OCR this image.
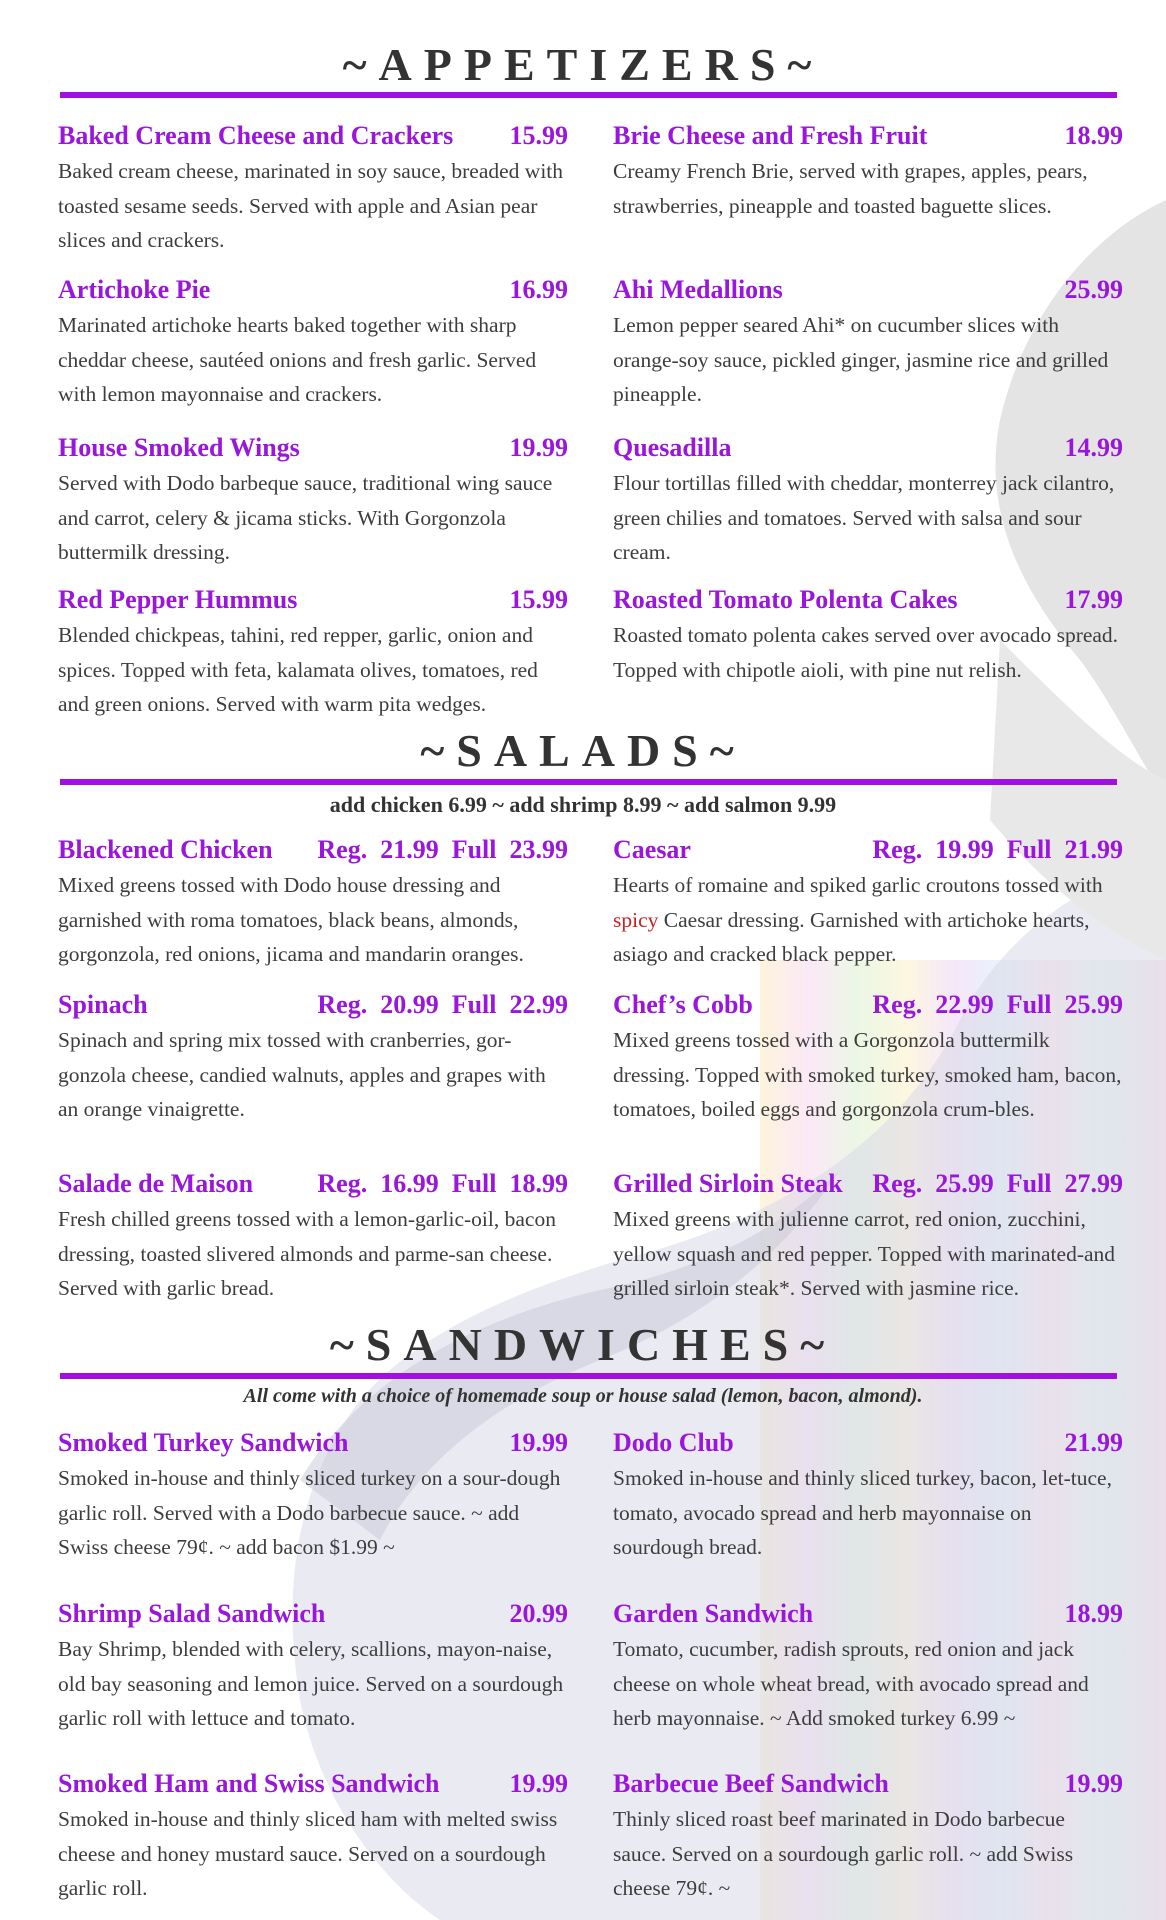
~APPETIZERS~
Baked Cream Cheese and Crackers 15.99
Baked cream cheese, marinated in soy sauce, breaded with toasted sesame seeds. Served with apple and Asian pear slices and crackers.
Brie Cheese and Fresh Fruit	18.99
Creamy French Brie, served with grapes, apples, pears, strawberries, pineapple and toasted baguette slices.
Artichoke Pie	16.99
Marinated artichoke hearts baked together with sharp cheddar cheese, sautéed onions and fresh garlic. Served with lemon mayonnaise and crackers.
Ahi Medallions	25.99
Lemon pepper seared Ahi* on cucumber slices with orange-soy sauce, pickled ginger, jasmine rice and grilled pineapple.
House Smoked Wings	19.99
Served with Dodo barbeque sauce, traditional wing sauce and carrot, celery & jicama sticks. With Gorgonzola buttermilk dressing.
Quesadilla	14.99
Flour tortillas filled with cheddar, monterrey jack cilantro, green chilies and tomatoes. Served with salsa and sour cream.
Red Pepper Hummus	15.99
Blended chickpeas, tahini, red repper, garlic, onion and spices. Topped with feta, kalamata olives, tomatoes, red and green onions. Served with warm pita wedges.
Roasted Tomato Polenta Cakes	17.99
Roasted tomato polenta cakes served over avocado spread. Topped with chipotle aioli, with pine nut relish.
~SALADS~
add chicken 6.99 ~ add shrimp 8.99 ~ add salmon 9.99
Blackened Chicken Reg.  21.99  Full  23.99
Mixed greens tossed with Dodo house dressing and garnished with roma tomatoes, black beans, almonds, gorgonzola, red onions, jicama and mandarin oranges.
Caesar	Reg.  19.99  Full  21.99
Hearts of romaine and spiked garlic croutons tossed with spicy Caesar dressing. Garnished with artichoke hearts, asiago and cracked black pepper.
Spinach	Reg.  20.99  Full  22.99
Spinach and spring mix tossed with cranberries, gor-gonzola cheese, candied walnuts, apples and grapes with an orange vinaigrette.
Chef’s Cobb	Reg.  22.99  Full  25.99
Mixed greens tossed with a Gorgonzola buttermilk dressing. Topped with smoked turkey, smoked ham, bacon, tomatoes, boiled eggs and gorgonzola crum-bles.
Salade de Maison Reg.  16.99  Full  18.99
Fresh chilled greens tossed with a lemon-garlic-oil, bacon dressing, toasted slivered almonds and parme-san cheese. Served with garlic bread.
Grilled Sirloin Steak Reg.  25.99  Full  27.99
Mixed greens with julienne carrot, red onion, zucchini, yellow squash and red pepper. Topped with marinated-and grilled sirloin steak*. Served with jasmine rice.
~SANDWICHES~
All come with a choice of homemade soup or house salad (lemon, bacon, almond).
Smoked Turkey Sandwich	19.99
Smoked in-house and thinly sliced turkey on a sour-dough garlic roll. Served with a Dodo barbecue sauce. ~ add Swiss cheese 79¢. ~ add bacon $1.99 ~
Dodo Club	21.99
Smoked in-house and thinly sliced turkey, bacon, let-tuce, tomato, avocado spread and herb mayonnaise on sourdough bread.
Shrimp Salad Sandwich	20.99
Bay Shrimp, blended with celery, scallions, mayon-naise, old bay seasoning and lemon juice. Served on a sourdough garlic roll with lettuce and tomato.
Garden Sandwich	18.99
Tomato, cucumber, radish sprouts, red onion and jack cheese on whole wheat bread, with avocado spread and herb mayonnaise. ~ Add smoked turkey 6.99 ~
Smoked Ham and Swiss Sandwich	19.99
Smoked in-house and thinly sliced ham with melted swiss cheese and honey mustard sauce. Served on a sourdough garlic roll.
Barbecue Beef Sandwich	19.99
Thinly sliced roast beef marinated in Dodo barbecue sauce. Served on a sourdough garlic roll. ~ add Swiss cheese 79¢. ~
